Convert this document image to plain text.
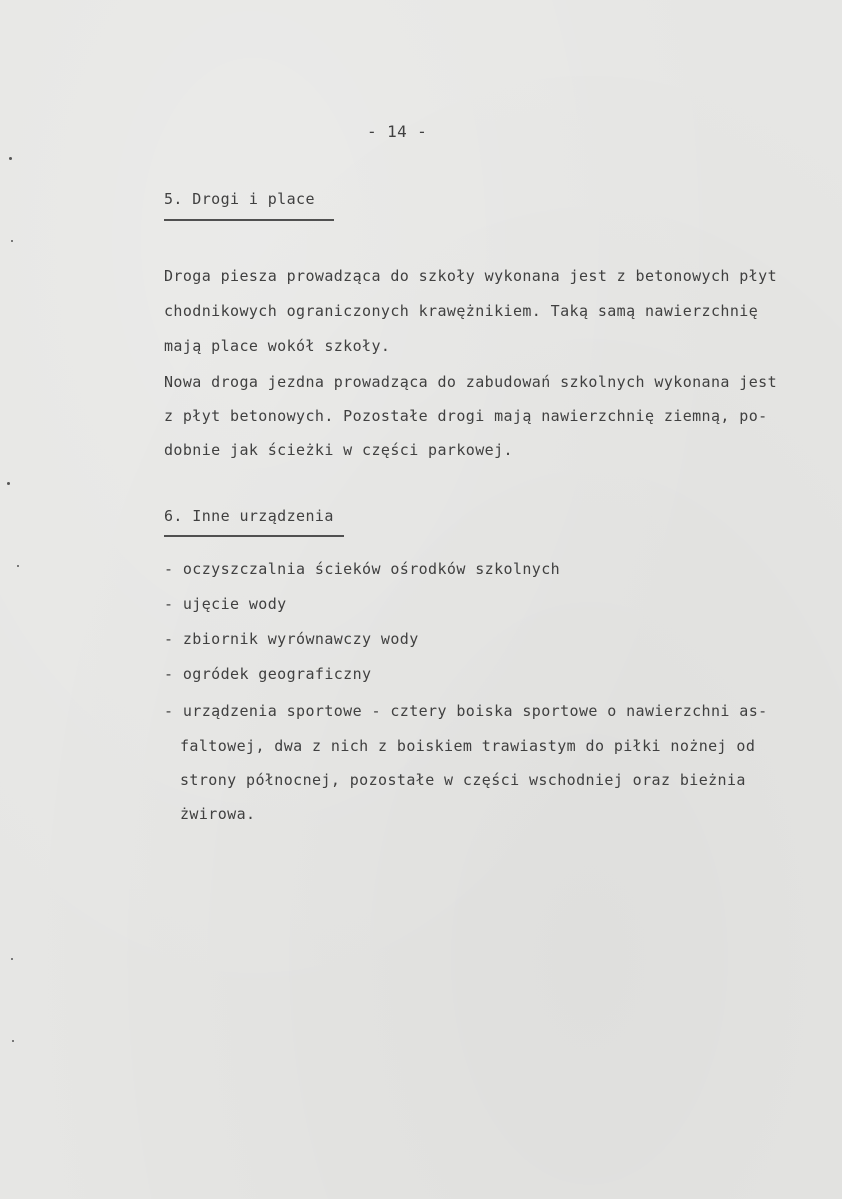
- 14 -
5. Drogi i place
Droga piesza prowadząca do szkoły wykonana jest z betonowych płyt
chodnikowych ograniczonych krawężnikiem. Taką samą nawierzchnię
mają place wokół szkoły.
Nowa droga jezdna prowadząca do zabudowań szkolnych wykonana jest
z płyt betonowych. Pozostałe drogi mają nawierzchnię ziemną, po-
dobnie jak ścieżki w części parkowej.
6. Inne urządzenia
- oczyszczalnia ścieków ośrodków szkolnych
- ujęcie wody
- zbiornik wyrównawczy wody
- ogródek geograficzny
- urządzenia sportowe - cztery boiska sportowe o nawierzchni as-
faltowej, dwa z nich z boiskiem trawiastym do piłki nożnej od
strony północnej, pozostałe w części wschodniej oraz bieżnia
żwirowa.
